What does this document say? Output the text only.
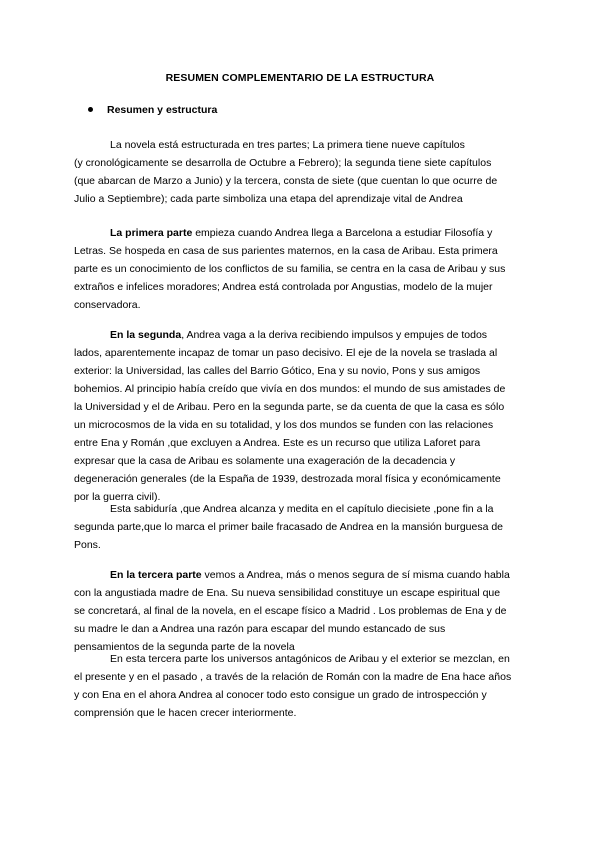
RESUMEN COMPLEMENTARIO DE LA ESTRUCTURA
Resumen y estructura
La novela está estructurada en tres partes; La primera tiene nueve capítulos
(y cronológicamente se desarrolla de Octubre a Febrero); la segunda tiene siete capítulos
(que abarcan de Marzo a Junio) y la tercera, consta de siete (que cuentan lo que ocurre de
Julio a Septiembre); cada parte simboliza una etapa del aprendizaje vital de Andrea
La primera parte empieza cuando Andrea llega a Barcelona a estudiar Filosofía y
Letras. Se hospeda en casa de sus parientes maternos, en la casa de Aribau. Esta primera
parte es un conocimiento de los conflictos de su familia, se centra en la casa de Aribau y sus
extraños e infelices moradores; Andrea está controlada por Angustias, modelo de la mujer
conservadora.
En la segunda, Andrea vaga a la deriva recibiendo impulsos y empujes de todos
lados, aparentemente incapaz de tomar un paso decisivo. El eje de la novela se traslada al
exterior: la Universidad, las calles del Barrio Gótico, Ena y su novio, Pons y sus amigos
bohemios. Al principio había creído que vivía en dos mundos: el mundo de sus amistades de
la Universidad y el de Aribau. Pero en la segunda parte, se da cuenta de que la casa es sólo
un microcosmos de la vida en su totalidad, y los dos mundos se funden con las relaciones
entre Ena y Román ,que excluyen a Andrea. Este es un recurso que utiliza Laforet para
expresar que la casa de Aribau es solamente una exageración de la decadencia y
degeneración generales (de la España de 1939, destrozada moral física y económicamente
por la guerra civil).
Esta sabiduría ,que Andrea alcanza y medita en el capítulo diecisiete ,pone fin a la
segunda parte,que lo marca el primer baile fracasado de Andrea en la mansión burguesa de
Pons.
En la tercera parte vemos a Andrea, más o menos segura de sí misma cuando habla
con la angustiada madre de Ena. Su nueva sensibilidad constituye un escape espiritual que
se concretará, al final de la novela, en el escape físico a Madrid . Los problemas de Ena y de
su madre le dan a Andrea una razón para escapar del mundo estancado de sus
pensamientos de la segunda parte de la novela
En esta tercera parte los universos antagónicos de Aribau y el exterior se mezclan, en
el presente y en el pasado , a través de la relación de Román con la madre de Ena hace años
y con Ena en el ahora Andrea al conocer todo esto consigue un grado de introspección y
comprensión que le hacen crecer interiormente.
